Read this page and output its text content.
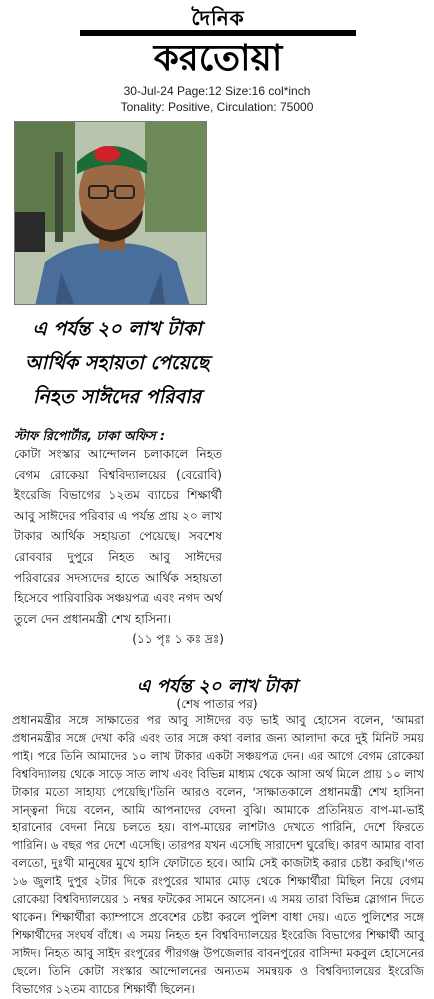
দৈনিক
করতোয়া
30-Jul-24 Page:12 Size:16 col*inch
Tonality: Positive, Circulation: 75000
এ পর্যন্ত ২০ লাখ টাকা
আর্থিক সহায়তা পেয়েছে
নিহত সাঈদের পরিবার
স্টাফ রিপোর্টার, ঢাকা অফিস :
কোটা সংস্কার আন্দোলন চলাকালে নিহত বেগম রোকেয়া বিশ্ববিদ্যালয়ের (বেরোবি) ইংরেজি বিভাগের ১২তম ব্যাচের শিক্ষার্থী আবু সাঈদের পরিবার এ পর্যন্ত প্রায় ২০ লাখ টাকার আর্থিক সহায়তা পেয়েছে। সবশেষ রোববার দুপুরে নিহত আবু সাঈদের পরিবারের সদস্যদের হাতে আর্থিক সহায়তা হিসেবে পারিবারিক সঞ্চয়পত্র এবং নগদ অর্থ তুলে দেন প্রধানমন্ত্রী শেখ হাসিনা।
(১১ পৃঃ ১ কঃ দ্রঃ)
এ পর্যন্ত ২০ লাখ টাকা
(শেষ পাতার পর)
প্রধানমন্ত্রীর সঙ্গে সাক্ষাতের পর আবু সাঈদের বড় ভাই আবু হোসেন বলেন, 'আমরা প্রধানমন্ত্রীর সঙ্গে দেখা করি এবং তার সঙ্গে কথা বলার জন্য আলাদা করে দুই মিনিট সময় পাই। পরে তিনি আমাদের ১০ লাখ টাকার একটা সঞ্চয়পত্র দেন। এর আগে বেগম রোকেয়া বিশ্ববিদ্যালয় থেকে সাড়ে সাত লাখ এবং বিভিন্ন মাধ্যম থেকে আসা অর্থ মিলে প্রায় ১০ লাখ টাকার মতো সাহায্য পেয়েছি।'তিনি আরও বলেন, 'সাক্ষাতকালে প্রধানমন্ত্রী শেখ হাসিনা সান্ত্বনা দিয়ে বলেন, আমি আপনাদের বেদনা বুঝি। আমাকে প্রতিনিয়ত বাপ-মা-ভাই হারানোর বেদনা নিয়ে চলতে হয়। বাপ-মায়ের লাশটাও দেখতে পারিনি, দেশে ফিরতে পারিনি। ৬ বছর পর দেশে এসেছি। তারপর যখন এসেছি সারাদেশ ঘুরেছি। কারণ আমার বাবা বলতো, দুঃখী মানুষের মুখে হাসি ফোটাতে হবে। আমি সেই কাজটাই করার চেষ্টা করছি।'গত ১৬ জুলাই দুপুর ২টার দিকে রংপুরের খামার মোড় থেকে শিক্ষার্থীরা মিছিল নিয়ে বেগম রোকেয়া বিশ্ববিদ্যালয়ের ১ নম্বর ফটকের সামনে আসেন। এ সময় তারা বিভিন্ন স্লোগান দিতে থাকেন। শিক্ষার্থীরা ক্যাম্পাসে প্রবেশের চেষ্টা করলে পুলিশ বাধা দেয়। এতে পুলিশের সঙ্গে শিক্ষার্থীদের সংঘর্ষ বাঁধে। এ সময় নিহত হন বিশ্ববিদ্যালয়ের ইংরেজি বিভাগের শিক্ষার্থী আবু সাঈদ। নিহত আবু সাইদ রংপুরের পীরগঞ্জ উপজেলার বাবনপুরের বাসিন্দা মকবুল হোসেনের ছেলে। তিনি কোটা সংস্কার আন্দোলনের অন্যতম সমন্বয়ক ও বিশ্ববিদ্যালয়ের ইংরেজি বিভাগের ১২তম ব্যাচের শিক্ষার্থী ছিলেন।
